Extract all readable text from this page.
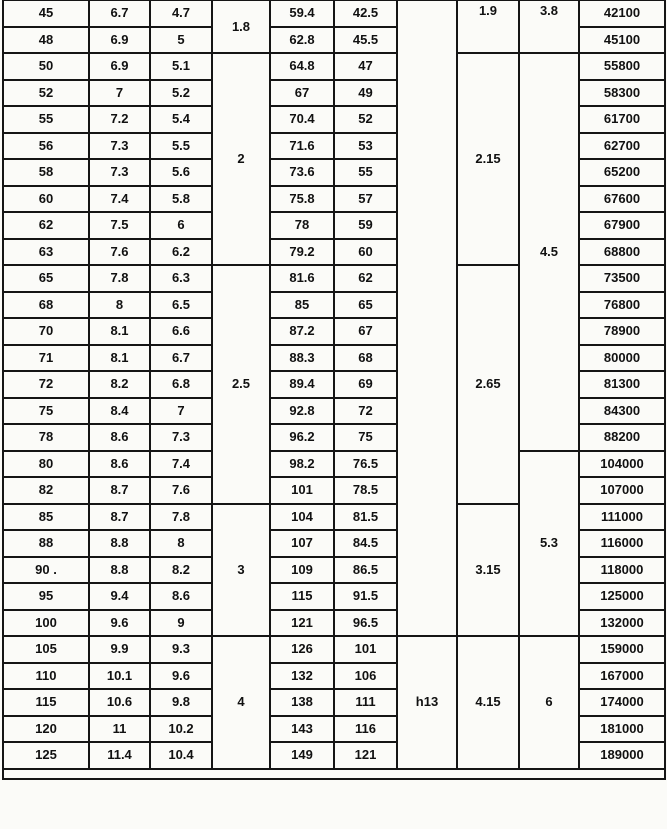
45	6.7	4.7	1.8	59.4	42.5		1.9	3.8	42100
48	6.9	5		62.8	45.5				45100
50	6.9	5.1	2	64.8	47		2.15	4.5	55800
52	7	5.2		67	49				58300
55	7.2	5.4		70.4	52				61700
56	7.3	5.5		71.6	53				62700
58	7.3	5.6		73.6	55				65200
60	7.4	5.8		75.8	57				67600
62	7.5	6		78	59				67900
63	7.6	6.2		79.2	60				68800
65	7.8	6.3	2.5	81.6	62		2.65		73500
68	8	6.5		85	65				76800
70	8.1	6.6		87.2	67				78900
71	8.1	6.7		88.3	68				80000
72	8.2	6.8		89.4	69				81300
75	8.4	7		92.8	72				84300
78	8.6	7.3		96.2	75				88200
80	8.6	7.4		98.2	76.5			5.3	104000
82	8.7	7.6		101	78.5				107000
85	8.7	7.8	3	104	81.5		3.15		111000
88	8.8	8		107	84.5				116000
90 .	8.8	8.2		109	86.5				118000
95	9.4	8.6		115	91.5				125000
100	9.6	9		121	96.5				132000
105	9.9	9.3	4	126	101	h13	4.15	6	159000
110	10.1	9.6		132	106				167000
115	10.6	9.8		138	111				174000
120	11	10.2		143	116				181000
125	11.4	10.4		149	121				189000
